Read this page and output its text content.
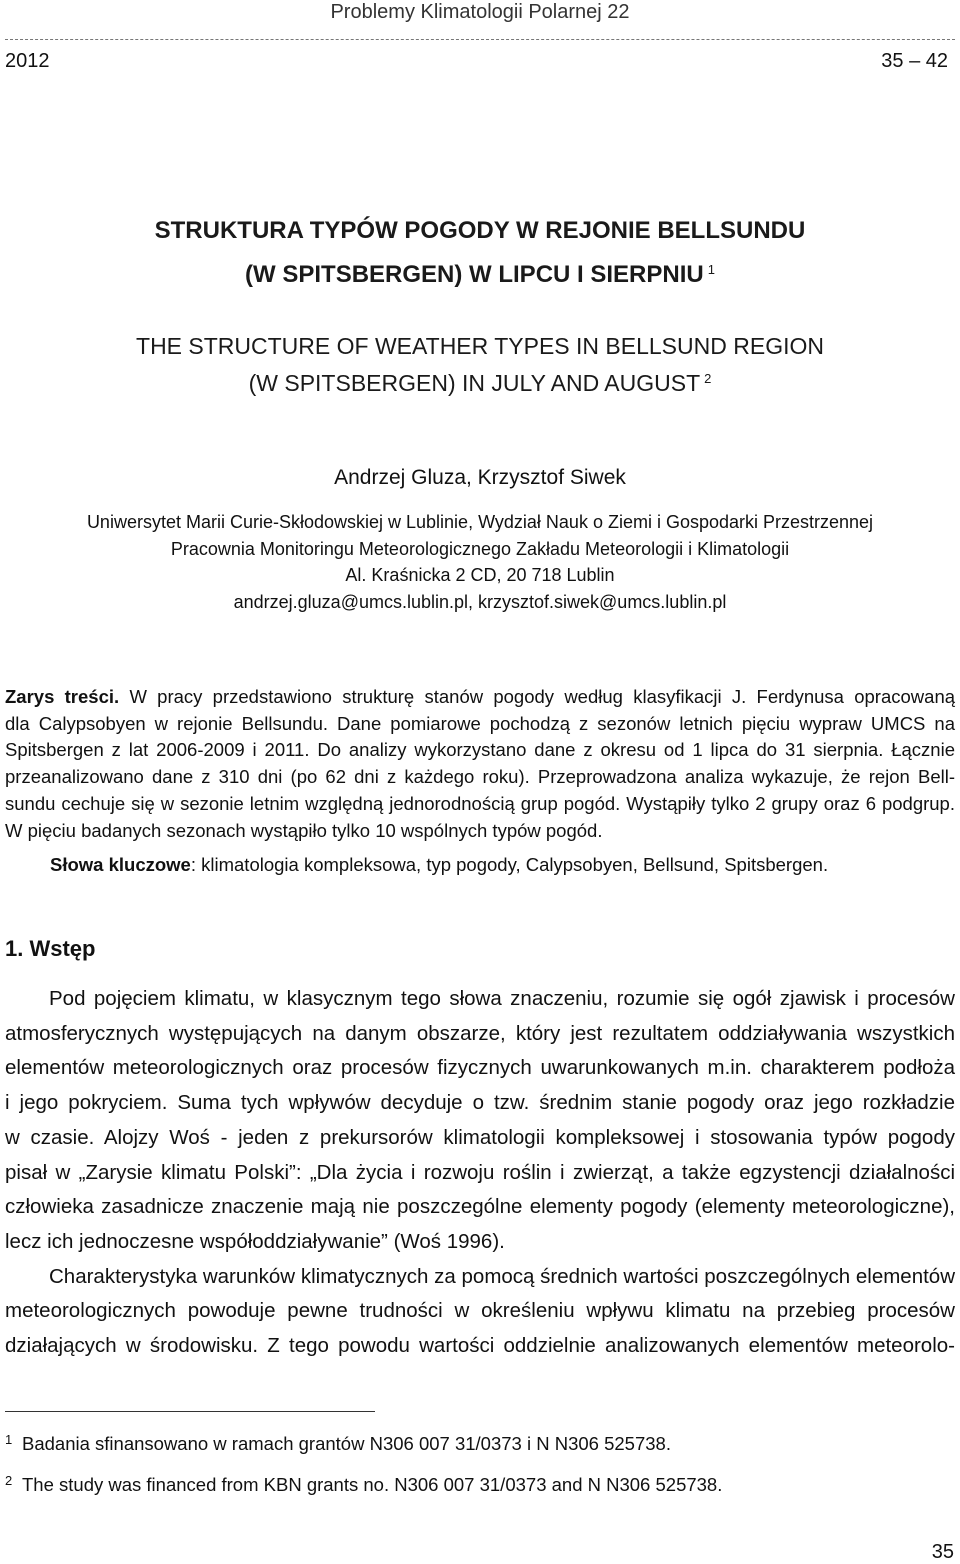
Problemy Klimatologii Polarnej 22
2012	35 – 42
STRUKTURA TYPÓW POGODY W REJONIE BELLSUNDU
(W SPITSBERGEN) W LIPCU I SIERPNIU $^1$
THE STRUCTURE OF WEATHER TYPES IN BELLSUND REGION
(W SPITSBERGEN) IN JULY AND AUGUST $^2$
Andrzej Gluza, Krzysztof Siwek
Uniwersytet Marii Curie-Skłodowskiej w Lublinie, Wydział Nauk o Ziemi i Gospodarki Przestrzennej
Pracownia Monitoringu Meteorologicznego Zakładu Meteorologii i Klimatologii
Al. Kraśnicka 2 CD, 20 718 Lublin
andrzej.gluza@umcs.lublin.pl, krzysztof.siwek@umcs.lublin.pl
Zarys treści. W pracy przedstawiono strukturę stanów pogody według klasyfikacji J. Ferdynusa opracowaną
dla Calypsobyen w rejonie Bellsundu. Dane pomiarowe pochodzą z sezonów letnich pięciu wypraw UMCS na
Spitsbergen z lat 2006-2009 i 2011. Do analizy wykorzystano dane z okresu od 1 lipca do 31 sierpnia. Łącznie
przeanalizowano dane z 310 dni (po 62 dni z każdego roku). Przeprowadzona analiza wykazuje, że rejon Bell-
sundu cechuje się w sezonie letnim względną jednorodnością grup pogód. Wystąpiły tylko 2 grupy oraz 6 podgrup.
W pięciu badanych sezonach wystąpiło tylko 10 wspólnych typów pogód.
Słowa kluczowe: klimatologia kompleksowa, typ pogody, Calypsobyen, Bellsund, Spitsbergen.
1. Wstęp
Pod pojęciem klimatu, w klasycznym tego słowa znaczeniu, rozumie się ogół zjawisk i procesów
atmosferycznych występujących na danym obszarze, który jest rezultatem oddziaływania wszystkich
elementów meteorologicznych oraz procesów fizycznych uwarunkowanych m.in. charakterem podłoża
i jego pokryciem. Suma tych wpływów decyduje o tzw. średnim stanie pogody oraz jego rozkładzie
w czasie. Alojzy Woś - jeden z prekursorów klimatologii kompleksowej i stosowania typów pogody
pisał w „Zarysie klimatu Polski”: „Dla życia i rozwoju roślin i zwierząt, a także egzystencji działalności
człowieka zasadnicze znaczenie mają nie poszczególne elementy pogody (elementy meteorologiczne),
lecz ich jednoczesne współoddziaływanie” (Woś 1996).
Charakterystyka warunków klimatycznych za pomocą średnich wartości poszczególnych elementów
meteorologicznych powoduje pewne trudności w określeniu wpływu klimatu na przebieg procesów
działających w środowisku. Z tego powodu wartości oddzielnie analizowanych elementów meteorolo-
1 Badania sfinansowano w ramach grantów N306 007 31/0373 i N N306 525738.
2 The study was financed from KBN grants no. N306 007 31/0373 and N N306 525738.
35
